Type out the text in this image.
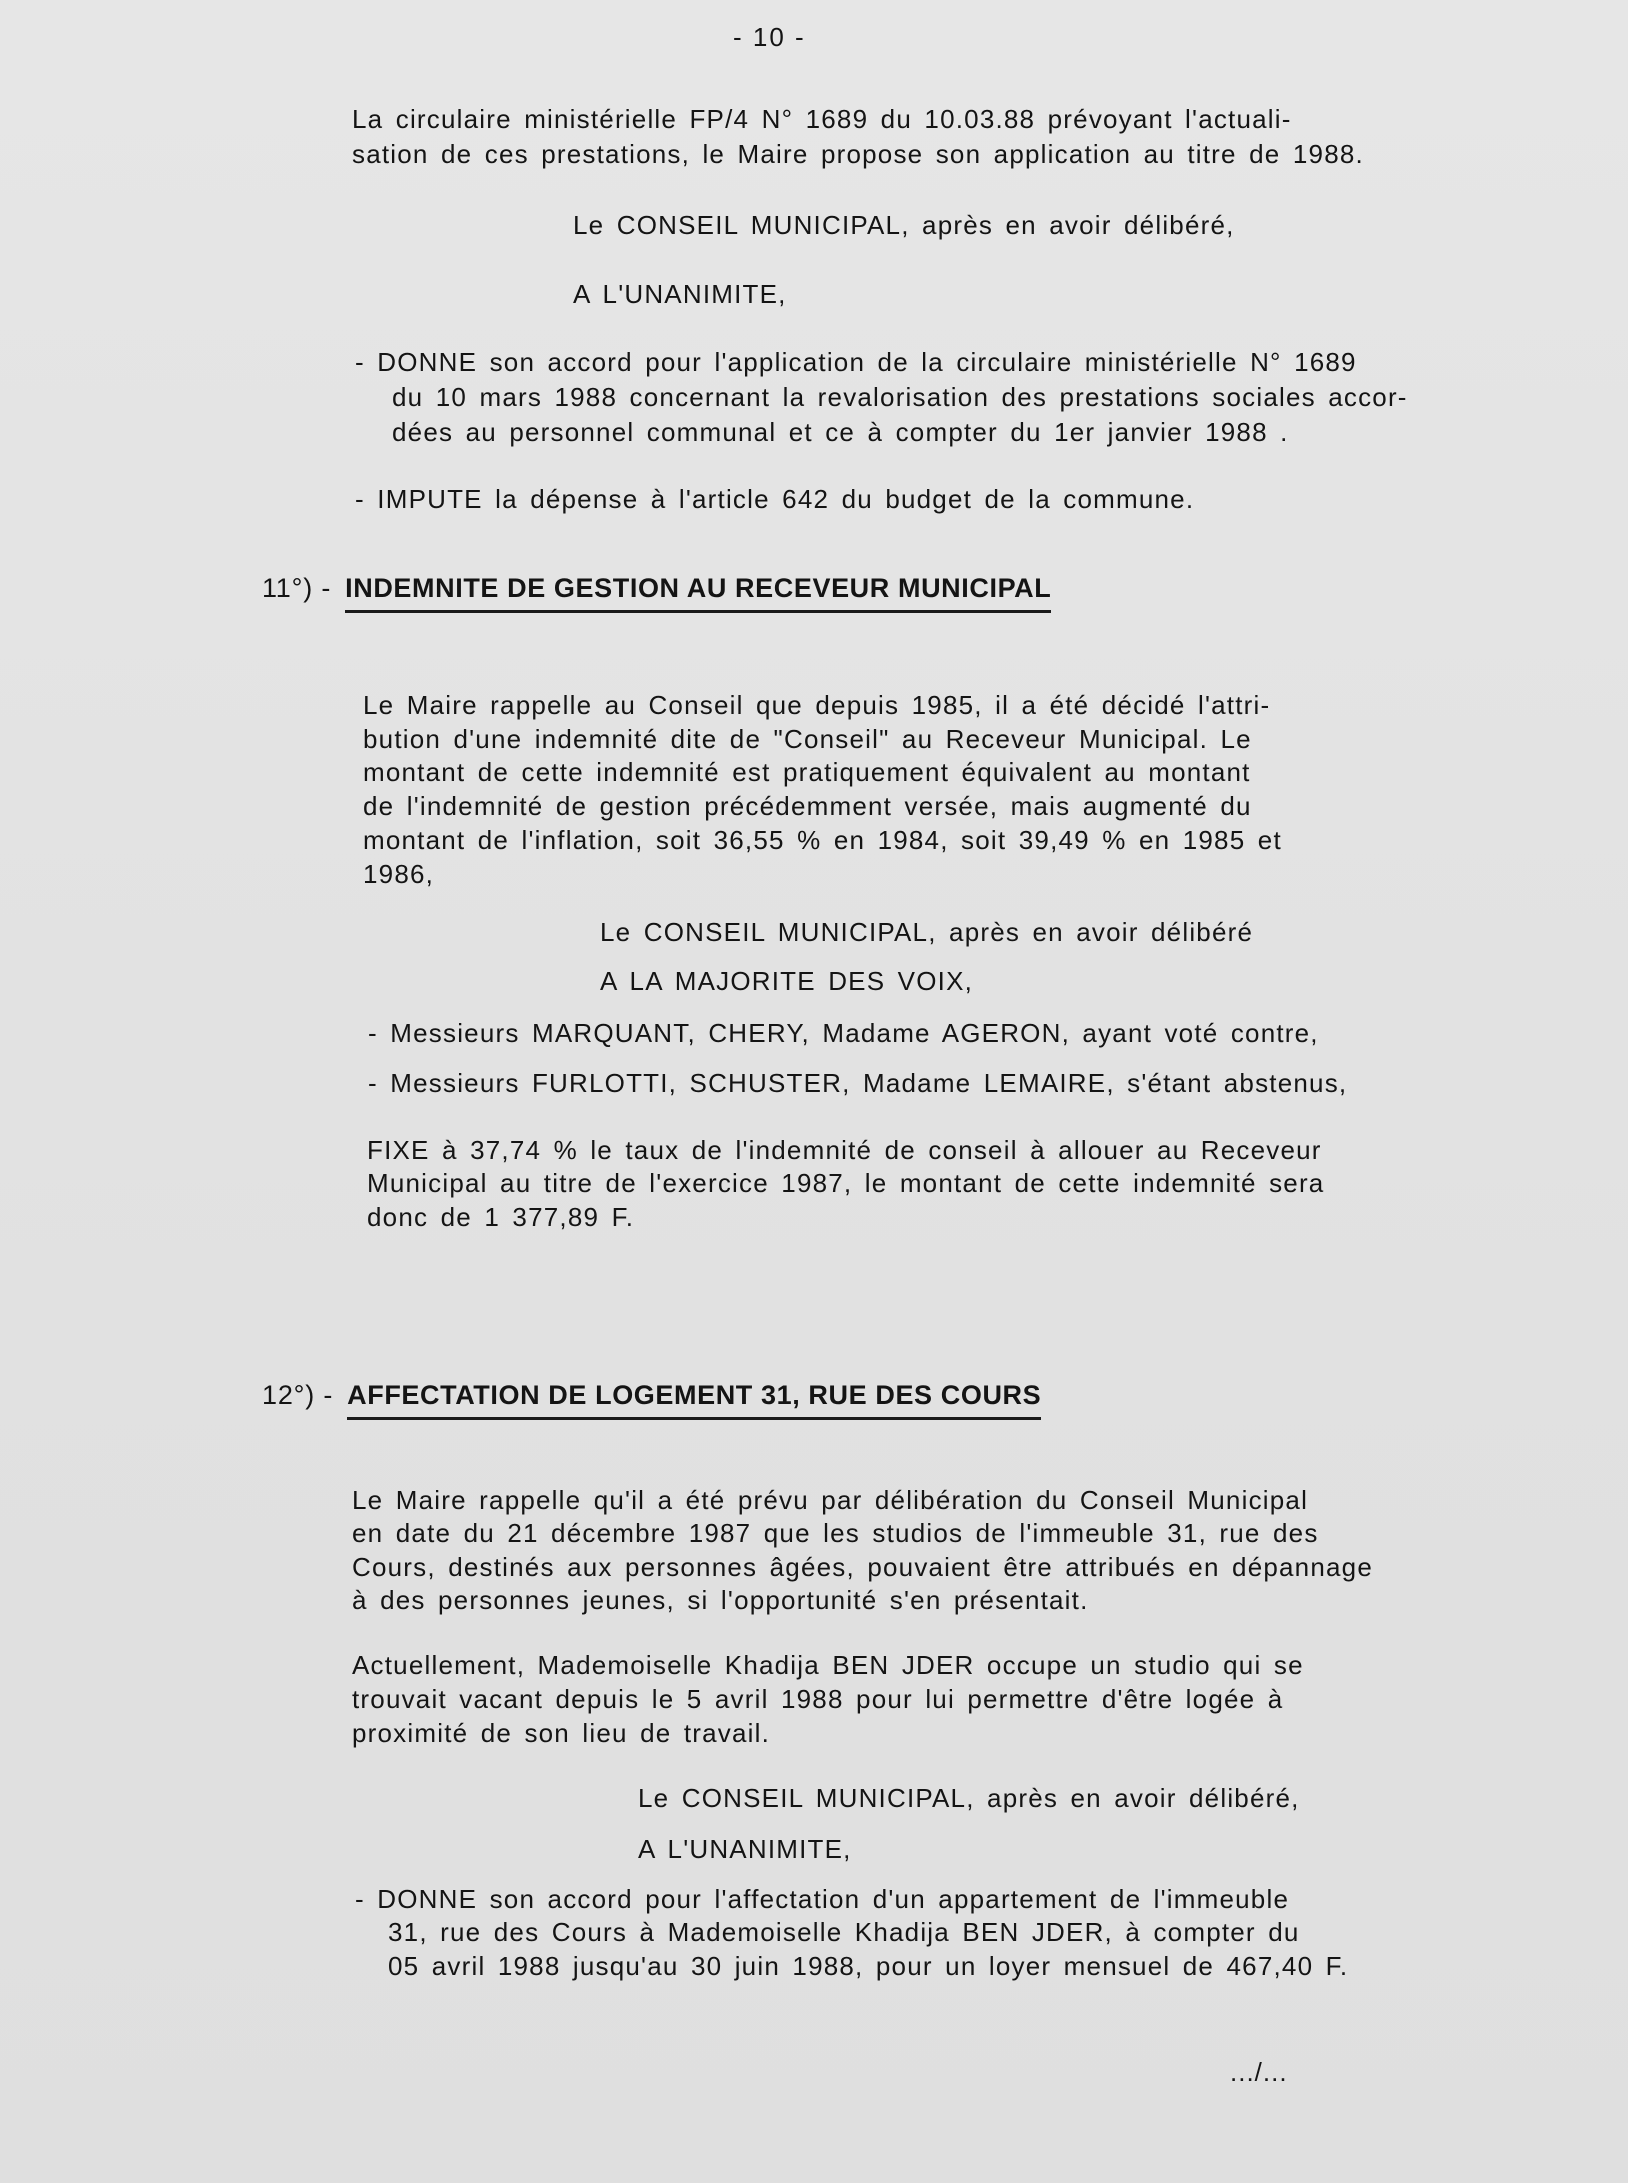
- 10 -
La circulaire ministérielle FP/4 N° 1689 du 10.03.88 prévoyant l'actuali-
sation de ces prestations, le Maire propose son application au titre de 1988.
Le CONSEIL MUNICIPAL, après en avoir délibéré,
A L'UNANIMITE,
- DONNE son accord pour l'application de la circulaire ministérielle N° 1689
du 10 mars 1988 concernant la revalorisation des prestations sociales accor-
dées au personnel communal et ce à compter du 1er janvier 1988 .
- IMPUTE la dépense à l'article 642 du budget de la commune.
11°) - INDEMNITE DE GESTION AU RECEVEUR MUNICIPAL
Le Maire rappelle au Conseil que depuis 1985, il a été décidé l'attri-
bution d'une indemnité dite de "Conseil" au Receveur Municipal. Le
montant de cette indemnité est pratiquement équivalent au montant
de l'indemnité de gestion précédemment versée, mais augmenté du
montant de l'inflation, soit 36,55 % en 1984, soit 39,49 % en 1985 et
1986,
Le CONSEIL MUNICIPAL, après en avoir délibéré
A LA MAJORITE DES VOIX,
- Messieurs MARQUANT, CHERY, Madame AGERON, ayant voté contre,
- Messieurs FURLOTTI, SCHUSTER, Madame LEMAIRE, s'étant abstenus,
FIXE à 37,74 % le taux de l'indemnité de conseil à allouer au Receveur
Municipal au titre de l'exercice 1987, le montant de cette indemnité sera
donc de 1 377,89 F.
12°) - AFFECTATION DE LOGEMENT 31, RUE DES COURS
Le Maire rappelle qu'il a été prévu par délibération du Conseil Municipal
en date du 21 décembre 1987 que les studios de l'immeuble 31, rue des
Cours, destinés aux personnes âgées, pouvaient être attribués en dépannage
à des personnes jeunes, si l'opportunité s'en présentait.
Actuellement, Mademoiselle Khadija BEN JDER occupe un studio qui se
trouvait vacant depuis le 5 avril 1988 pour lui permettre d'être logée à
proximité de son lieu de travail.
Le CONSEIL MUNICIPAL, après en avoir délibéré,
A L'UNANIMITE,
- DONNE son accord pour l'affectation d'un appartement de l'immeuble
31, rue des Cours à Mademoiselle Khadija BEN JDER, à compter du
05 avril 1988 jusqu'au 30 juin 1988, pour un loyer mensuel de 467,40 F.
.../...
